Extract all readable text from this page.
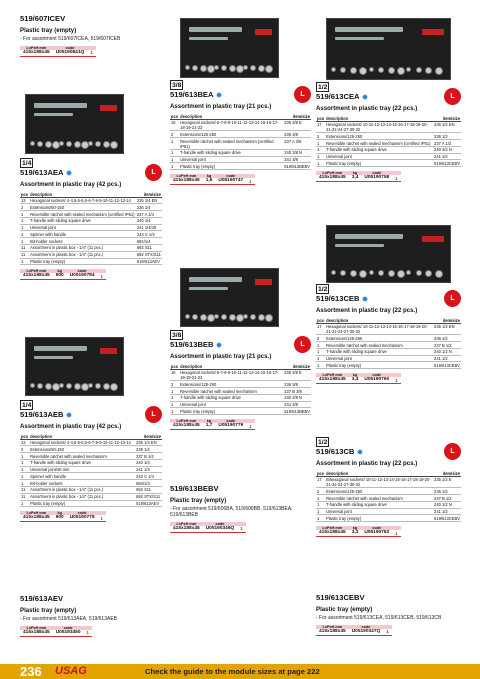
519/607ICEV
Plastic tray (empty)
- For assortment 519/607ICEA, 519/607ICEB
LxPxH mm	code	
415x188x45	U05190841Q	1
L
1/4

519/613AEA
Assortment in plastic tray (42 pcs.)
pcs	description	item/size
13	Hexagonal sockets/ 4-4,5-5-5,5-6-7-8-9-10-11-12-13-14	235 1/4 EN
2	Extensions/50-150	236 1/4
1	Reversible ratchet with sealed mechanism (certified IP51)	237 A 1/4
1	T-handle with sliding square drive	240 1/4
1	Universal joint	241 1/4/40
1	Spinner with handle	243 C 1/4
1	Bit-holder sockets	684/1/4
11	Assortment in plastic box - 1/4" (11 pcs.)	692 S11
11	Assortment in plastic box - 1/4" (11 pcs.)	692 STX/S11
1	Plastic tray (empty)	519/613AEV
LxPxH mm	kg	code	
415x188x45	900	U05190784	1
L
1/4

519/613AEB
Assortment in plastic tray (42 pcs.)
pcs	description	item/size
13	Hexagonal sockets/ 4-4,5-5-5,5-6-7-8-9-10-11-12-13-14	235 1/4 EN
2	Extensions/50-150	236 1/4
1	Reversible ratchet with sealed mechanism	237 B 1/4
1	T-handle with sliding square drive	240 1/4
1	Universal joint/40 mm	241 1/4
1	Spinner with handle	243 C 1/4
1	Bit-holder sockets	684/1/4
11	Assortment in plastic box - 1/4" (11 pcs.)	692 S11
11	Assortment in plastic box - 1/4" (11 pcs.)	692 STX/S11
1	Plastic tray (empty)	519/613AEV
LxPxH mm	kg	code	
415x188x45	900	U05190778	1
519/613AEV
Plastic tray (empty)
- For assortment 519/613AEA, 519/613AEB
LxPxH mm	code	
415x188x45	U05193450	1
L
3/8

519/613BEA
Assortment in plastic tray (21 pcs.)
pcs	description	item/size
16	Hexagonal sockets/ 6-7-8-9-10-11-12-13-14-15-16-17-18-19-21-22	235 3/8 E
2	Extensions/125-250	236 3/8
1	Reversible ratchet with sealed mechanism (certified IP51)	237 A 3/8
1	T-handle with sliding square drive	240 3/8 N
1	Universal joint	241 3/8
1	Plastic tray (empty)	519/613BEBV
LxPxH mm	kg	code	
415x188x45	1,6	U05190747	1
L
3/8

519/613BEB
Assortment in plastic tray (21 pcs.)
pcs	description	item/size
16	Hexagonal sockets/ 6-7-8-9-10-11-12-13-14-15-16-17-18-19-21-22	235 3/8 E
2	Extensions/125-250	236 3/8
1	Reversible ratchet with sealed mechanism	237 B 3/8
1	T-handle with sliding square drive	240 3/8 N
1	Universal joint	241 3/8
1	Plastic tray (empty)	519/613BEBV
LxPxH mm	kg	code	
415x188x45	1,7	U05190779	1
519/613BEBV
Plastic tray (empty)
- For assortment 519/606BA, 519/606BB, 519/613BEA, 519/613BEB
LxPxH mm	code	
415x188x45	U05190346Q	1
L
1/2

519/613CEA
Assortment in plastic tray (22 pcs.)
pcs	description	item/size
17	Hexagonal sockets/ 10-11-12-13-14-15-16-17-18-19-20-21-22-24-27-30-32	235 1/2 EN
2	Extensions/125-250	236 1/2
1	Reversible ratchet with sealed mechanism (certified IP51)	237 A 1/2
1	T-handle with sliding square drive	240 1/2 N
1	Universal joint	241 1/2
1	Plastic tray (empty)	519/613CEBV
LxPxH mm	kg	code	
415x188x45	3,4	U05190758	1
L
1/2

519/613CEB
Assortment in plastic tray (22 pcs.)
pcs	description	item/size
17	Hexagonal sockets/ 10-11-12-13-14-15-16-17-18-19-20-21-22-24-27-30-32	235 1/2 EN
2	Extensions/125-250	236 1/2
1	Reversible ratchet with sealed mechanism	237 B 1/2
1	T-handle with sliding square drive	240 1/2 N
1	Universal joint	241 1/2
1	Plastic tray (empty)	519/613CEBV
LxPxH mm	kg	code	
415x188x45	3,4	U05190760	1
L
1/2

519/613CB
Assortment in plastic tray (22 pcs.)
pcs	description	item/size
17	Bihexagonal sockets/ 10-11-12-13-14-15-16-17-18-19-20-21-22-24-27-30-32	235 1/2 E
2	Extensions/125-250	236 1/2
1	Reversible ratchet with sealed mechanism	237 B 1/2
1	T-handle with sliding square drive	240 1/2 N
1	Universal joint	241 1/2
1	Plastic tray (empty)	519/613CEBV
LxPxH mm	kg	code	
415x188x45	3,3	U05190763	1
519/613CEBV
Plastic tray (empty)
- For assortment 519/613CEA, 519/613CEB, 519/613CB
LxPxH mm	code	
415x188x45	U05190347Q	1
236 USAG	Check the guide to the module sizes at page 222
